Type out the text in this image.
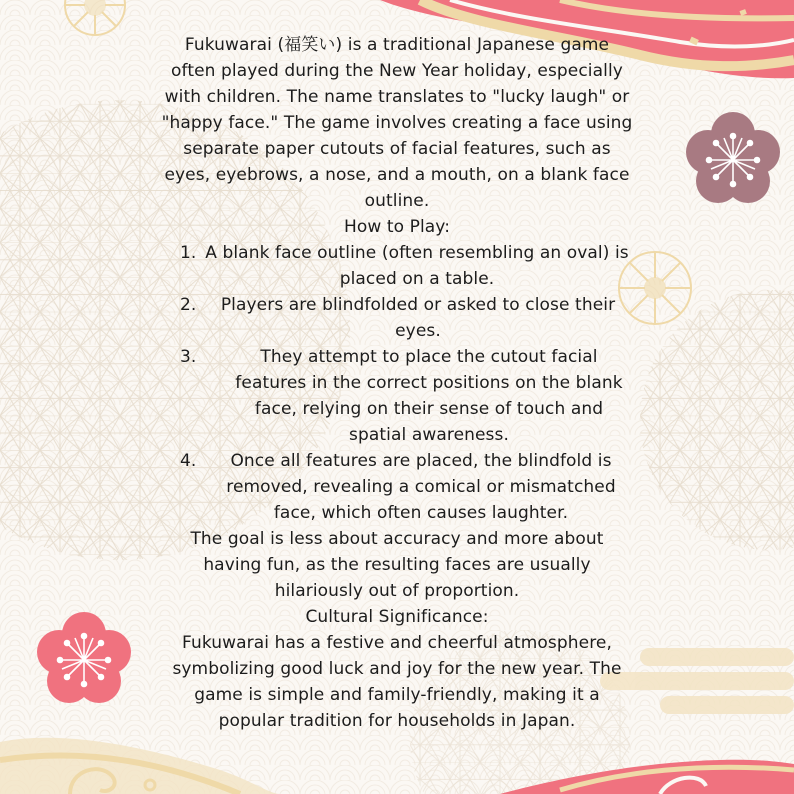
Fukuwarai (福笑い) is a traditional Japanese game often played during the New Year holiday, especially with children. The name translates to "lucky laugh" or "happy face." The game involves creating a face using separate paper cutouts of facial features, such as eyes, eyebrows, a nose, and a mouth, on a blank face outline.

How to Play:

1. A blank face outline (often resembling an oval) is placed on a table.
2.	Players are blindfolded or asked to close their eyes.
3.	They attempt to place the cutout facial features in the correct positions on the blank face, relying on their sense of touch and spatial awareness.
4.	Once all features are placed, the blindfold is removed, revealing a comical or mismatched face, which often causes laughter.

The goal is less about accuracy and more about having fun, as the resulting faces are usually hilariously out of proportion.

Cultural Significance:

Fukuwarai has a festive and cheerful atmosphere, symbolizing good luck and joy for the new year. The game is simple and family-friendly, making it a popular tradition for households in Japan.
